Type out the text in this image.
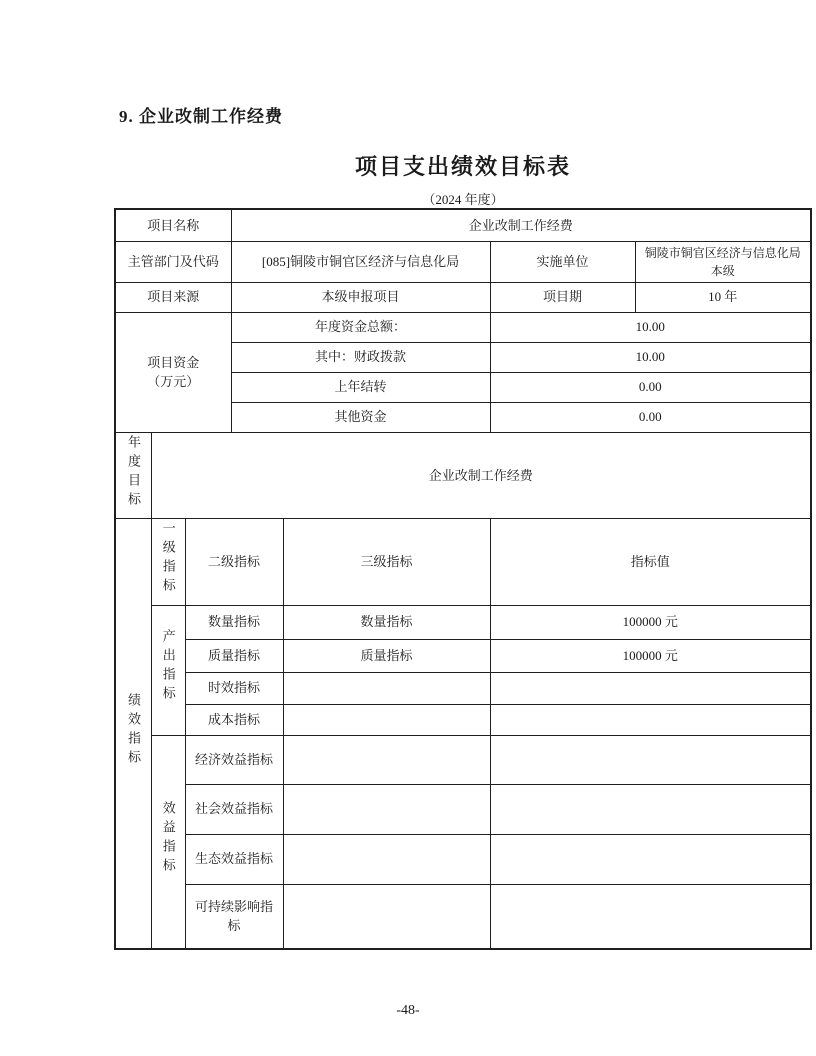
9. 企业改制工作经费
项目支出绩效目标表
（2024 年度）
项目名称			企业改制工作经费			
主管部门及代码			[085]铜陵市铜官区经济与信息化局		实施单位	铜陵市铜官区经济与信息化局本级
项目来源			本级申报项目		项目期	10 年

项目资金
（万元）			年度资金总额：		10.00	
			其中：财政拨款		10.00	
			上年结转		0.00	
			其他资金		0.00	
年度目标	企业改制工作经费					
绩效指标	一级指标	二级指标		三级指标	指标值	
	产出指标	数量指标		数量指标	100000 元	
		质量指标		质量指标	100000 元	
		时效指标				
		成本指标				
	效益指标	经济效益指标				
		社会效益指标				
		生态效益指标				
		可持续影响指标				
-48-
